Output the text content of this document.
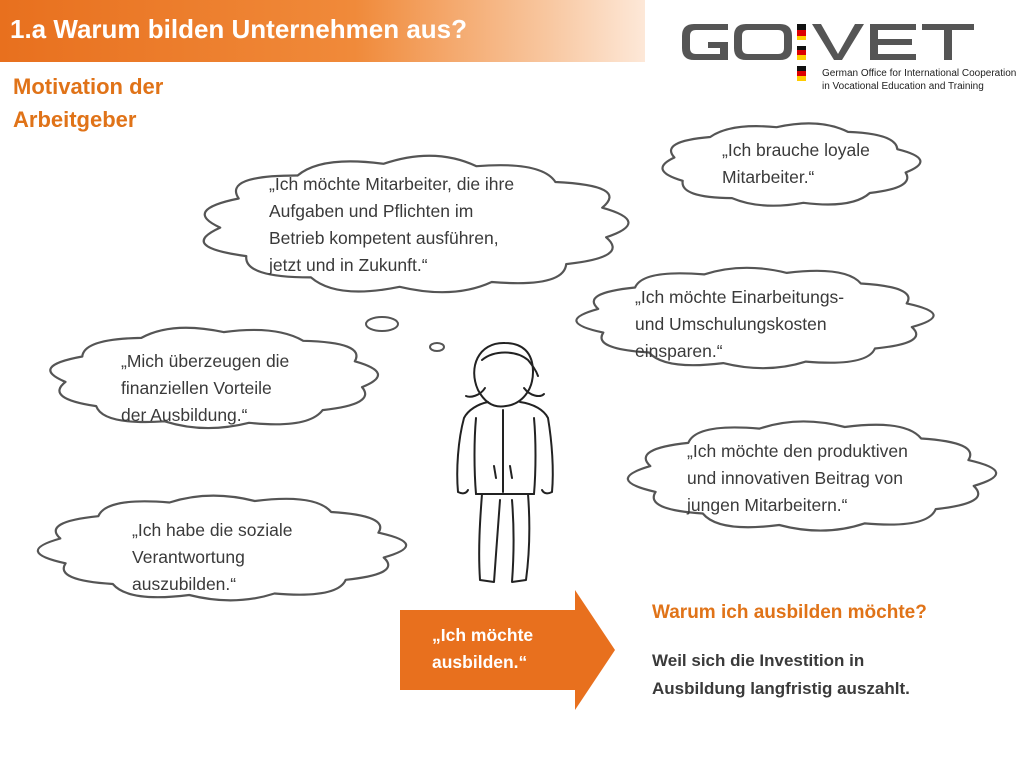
1.a Warum bilden Unternehmen aus?
German Office for International Cooperation
in Vocational Education and Training
Motivation der
Arbeitgeber
„Ich möchte Mitarbeiter, die ihre
Aufgaben und Pflichten im
Betrieb kompetent ausführen,
jetzt und in Zukunft.“
„Ich brauche loyale
Mitarbeiter.“
„Ich möchte Einarbeitungs-
und Umschulungskosten
einsparen.“
„Mich überzeugen die
finanziellen Vorteile
der Ausbildung.“
„Ich möchte den produktiven
und innovativen Beitrag von
jungen Mitarbeitern.“
„Ich habe die soziale
Verantwortung
auszubilden.“
„Ich möchte
ausbilden.“
Warum ich ausbilden möchte?
Weil sich die Investition in
Ausbildung langfristig auszahlt.
